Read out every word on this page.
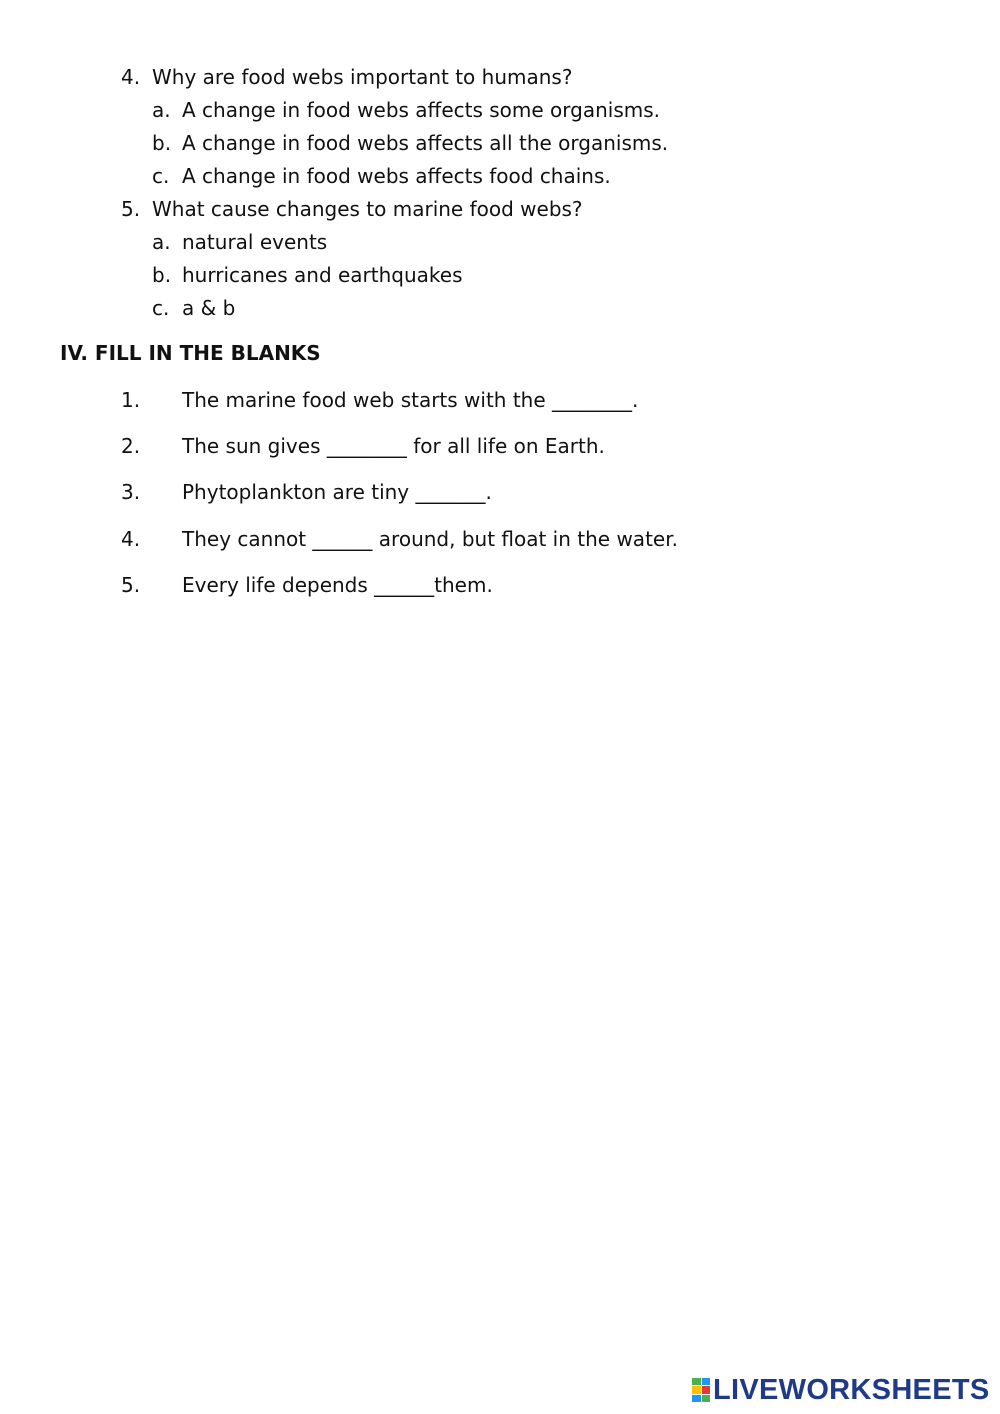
4. Why are food webs important to humans?
a. A change in food webs affects some organisms.
b. A change in food webs affects all the organisms.
c. A change in food webs affects food chains.
5. What cause changes to marine food webs?
a. natural events
b. hurricanes and earthquakes
c. a & b
IV. FILL IN THE BLANKS
1. The marine food web starts with the ________.
2. The sun gives ________ for all life on Earth.
3. Phytoplankton are tiny _______.
4. They cannot ______ around, but float in the water.
5. Every life depends ______them.
LIVEWORKSHEETS
